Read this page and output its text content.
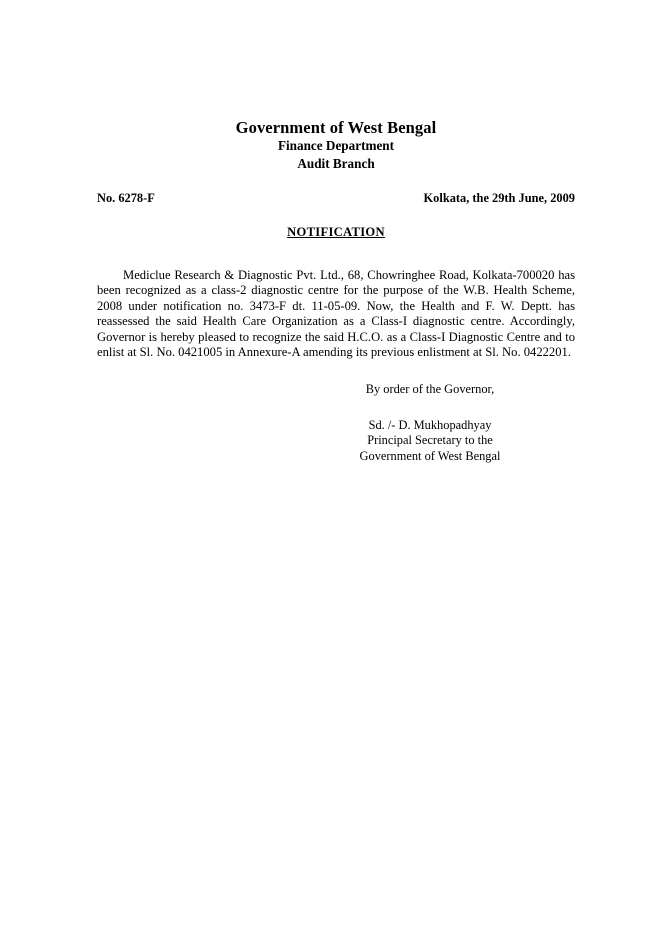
Government of West Bengal
Finance Department
Audit Branch
No. 6278-F	Kolkata, the 29th June, 2009
NOTIFICATION
Mediclue Research & Diagnostic Pvt. Ltd., 68, Chowringhee Road, Kolkata-700020 has been recognized as a class-2 diagnostic centre for the purpose of the W.B. Health Scheme, 2008 under notification no. 3473-F dt. 11-05-09. Now, the Health and F. W. Deptt. has reassessed the said Health Care Organization as a Class-I diagnostic centre. Accordingly, Governor is hereby pleased to recognize the said H.C.O. as a Class-I Diagnostic Centre and to enlist at Sl. No. 0421005 in Annexure-A amending its previous enlistment at Sl. No. 0422201.
By order of the Governor,
Sd. /- D. Mukhopadhyay
Principal Secretary to the
Government of West Bengal
